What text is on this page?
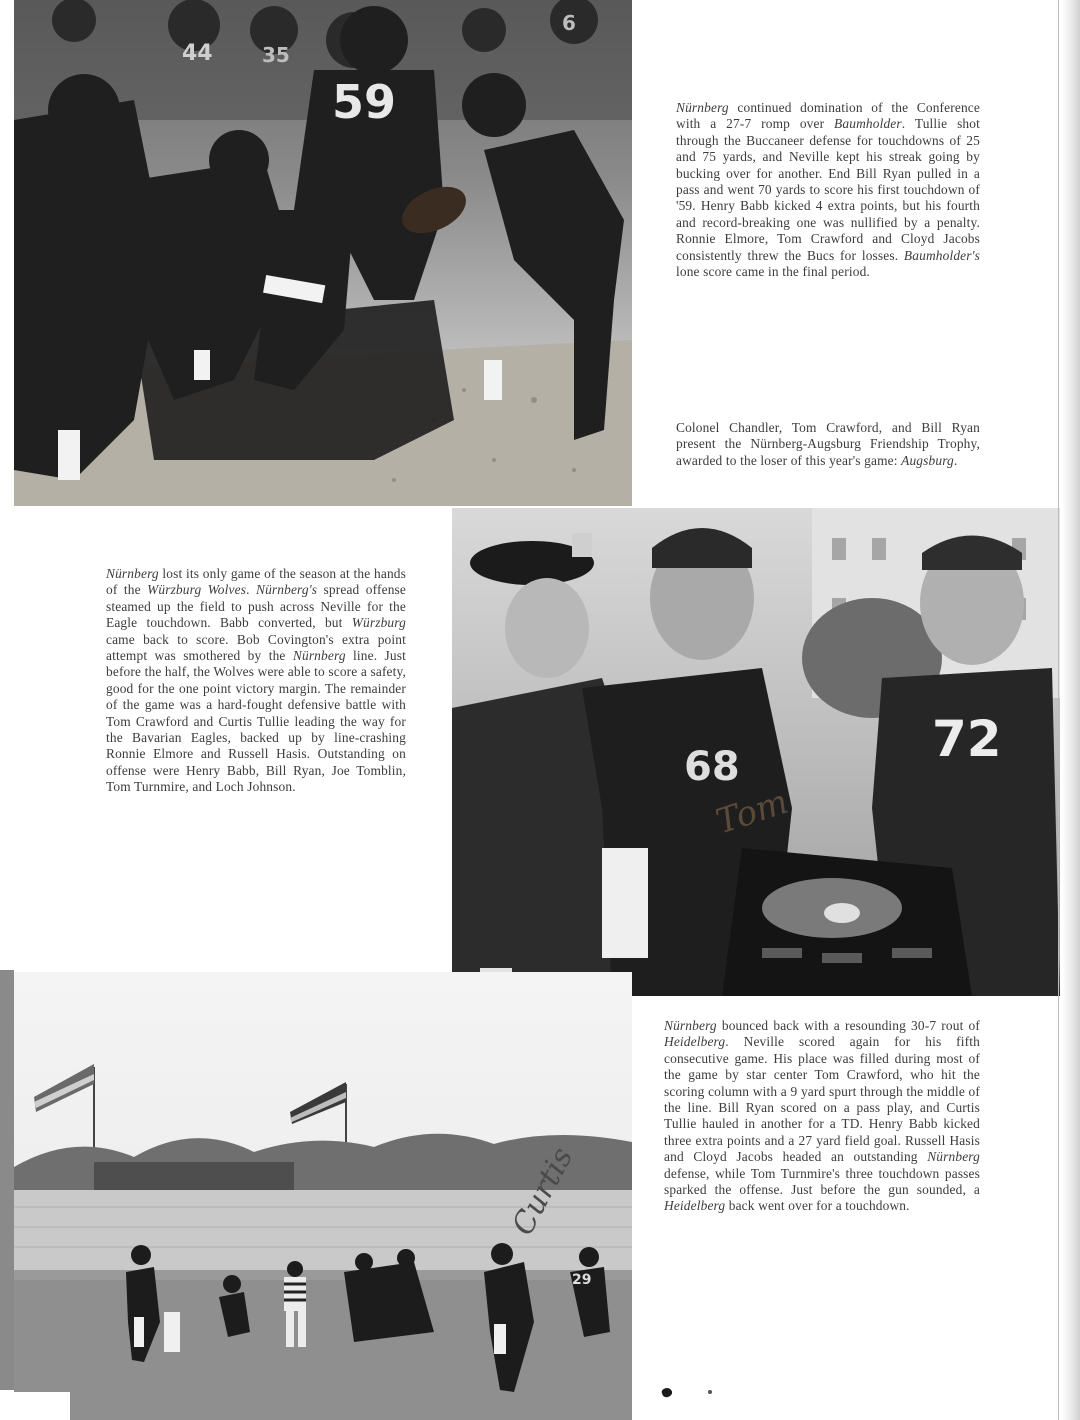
44 35
59
6

Nürnberg continued domination of the Conference with a 27-7 romp over Baumholder. Tullie shot through the Buccaneer defense for touchdowns of 25 and 75 yards, and Neville kept his streak going by bucking over for another. End Bill Ryan pulled in a pass and went 70 yards to score his first touchdown of '59. Henry Babb kicked 4 extra points, but his fourth and record-breaking one was nullified by a penalty. Ronnie Elmore, Tom Crawford and Cloyd Jacobs consistently threw the Bucs for losses. Baumholder's lone score came in the final period.

Colonel Chandler, Tom Crawford, and Bill Ryan present the Nürnberg-Augsburg Friendship Trophy, awarded to the loser of this year's game: Augsburg.

Nürnberg lost its only game of the season at the hands of the Würzburg Wolves. Nürnberg's spread offense steamed up the field to push across Neville for the Eagle touchdown. Babb converted, but Würzburg came back to score. Bob Covington's extra point attempt was smothered by the Nürnberg line. Just before the half, the Wolves were able to score a safety, good for the one point victory margin. The remainder of the game was a hard-fought defensive battle with Tom Crawford and Curtis Tullie leading the way for the Bavarian Eagles, backed up by line-crashing Ronnie Elmore and Russell Hasis. Outstanding on offense were Henry Babb, Bill Ryan, Joe Tomblin, Tom Turnmire, and Loch Johnson.	68	72
Tom

Nürnberg bounced back with a resounding 30-7 rout of Heidelberg. Neville scored again for his fifth consecutive game. His place was filled during most of the game by star center Tom Crawford, who hit the scoring column with a 9 yard spurt through the middle of the line. Bill Ryan scored on a pass play, and Curtis Tullie hauled in another for a TD. Henry Babb kicked three extra points and a 27 yard field goal. Russell Hasis and Cloyd Jacobs headed an outstanding Nürnberg defense, while Tom Turnmire's three touchdown passes sparked the offense. Just before the gun sounded, a Heidelberg back went over for a touchdown.

29
Curtis
